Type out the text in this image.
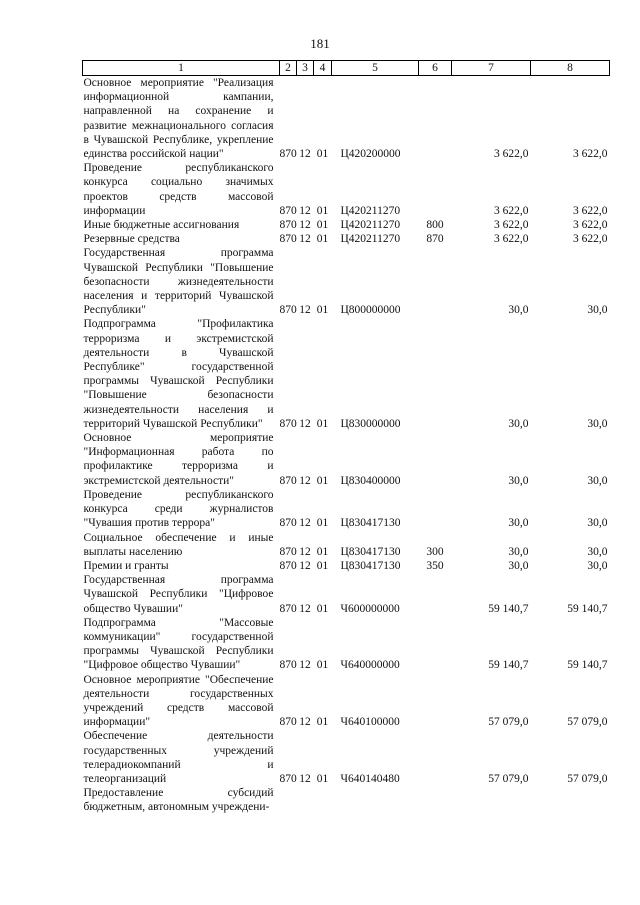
181
1	2	3	4	5	6	7	8
Основное мероприятие "Реализация информационной кампании, направленной на сохранение и развитие межнационального согласия в Чувашской Республике, укрепление единства российской нации"	870	12	01	Ц420200000		3 622,0	3 622,0
Проведение республиканского конкурса социально значимых проектов средств массовой информации	870	12	01	Ц420211270		3 622,0	3 622,0
Иные бюджетные ассигнования	870	12	01	Ц420211270	800	3 622,0	3 622,0
Резервные средства	870	12	01	Ц420211270	870	3 622,0	3 622,0
Государственная программа Чувашской Республики "Повышение безопасности жизнедеятельности населения и территорий Чувашской Республики"	870	12	01	Ц800000000		30,0	30,0
Подпрограмма "Профилактика терроризма и экстремистской деятельности в Чувашской Республике" государственной программы Чувашской Республики "Повышение безопасности жизнедеятельности населения и территорий Чувашской Республики"	870	12	01	Ц830000000		30,0	30,0
Основное мероприятие "Информационная работа по профилактике терроризма и экстремистской деятельности"	870	12	01	Ц830400000		30,0	30,0
Проведение республиканского конкурса среди журналистов "Чувашия против террора"	870	12	01	Ц830417130		30,0	30,0
Социальное обеспечение и иные выплаты населению	870	12	01	Ц830417130	300	30,0	30,0
Премии и гранты	870	12	01	Ц830417130	350	30,0	30,0
Государственная программа Чувашской Республики "Цифровое общество Чувашии"	870	12	01	Ч600000000		59 140,7	59 140,7
Подпрограмма "Массовые коммуникации" государственной программы Чувашской Республики "Цифровое общество Чувашии"	870	12	01	Ч640000000		59 140,7	59 140,7
Основное мероприятие "Обеспечение деятельности государственных учреждений средств массовой информации"	870	12	01	Ч640100000		57 079,0	57 079,0
Обеспечение деятельности государственных учреждений телерадиокомпаний и телеорганизаций	870	12	01	Ч640140480		57 079,0	57 079,0
Предоставление субсидий бюджетным, автономным учреждени-							
